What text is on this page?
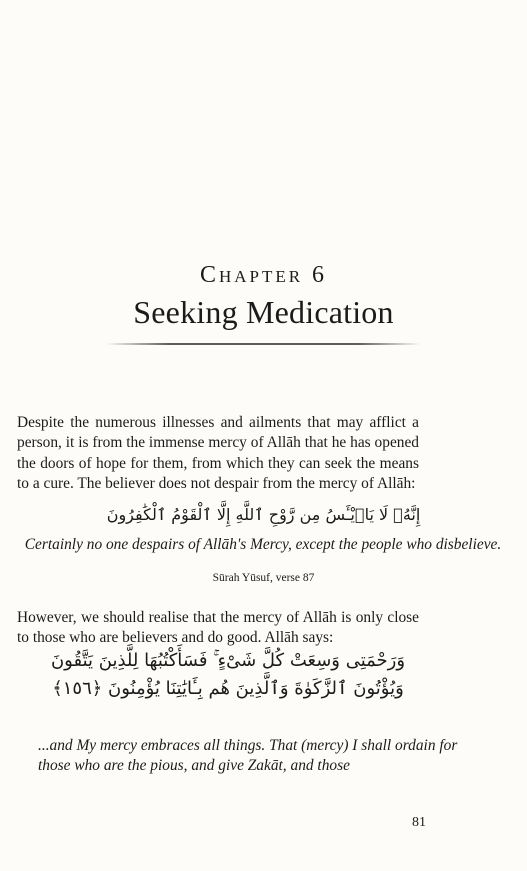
Chapter 6

Seeking Medication

Despite the numerous illnesses and ailments that may afflict a person, it is from the immense mercy of Allāh that he has opened the doors of hope for them, from which they can seek the means to a cure. The believer does not despair from the mercy of Allāh:

إِنَّهُۥ لَا يَا۟يْـَٔسُ مِن رَّوْحِ ٱللَّهِ إِلَّا ٱلْقَوْمُ ٱلْكَٰفِرُونَ

Certainly no one despairs of Allāh's Mercy, except the people who disbelieve.

Sūrah Yūsuf, verse 87

However, we should realise that the mercy of Allāh is only close to those who are believers and do good. Allāh says:

وَرَحْمَتِى وَسِعَتْ كُلَّ شَىْءٍ ۚ فَسَأَكْتُبُهَا لِلَّذِينَ يَتَّقُونَ وَيُؤْتُونَ ٱلزَّكَوٰةَ وَٱلَّذِينَ هُم بِـَٔايَٰتِنَا يُؤْمِنُونَ ﴿١٥٦﴾

...and My mercy embraces all things. That (mercy) I shall ordain for those who are the pious, and give Zakāt, and those

81
